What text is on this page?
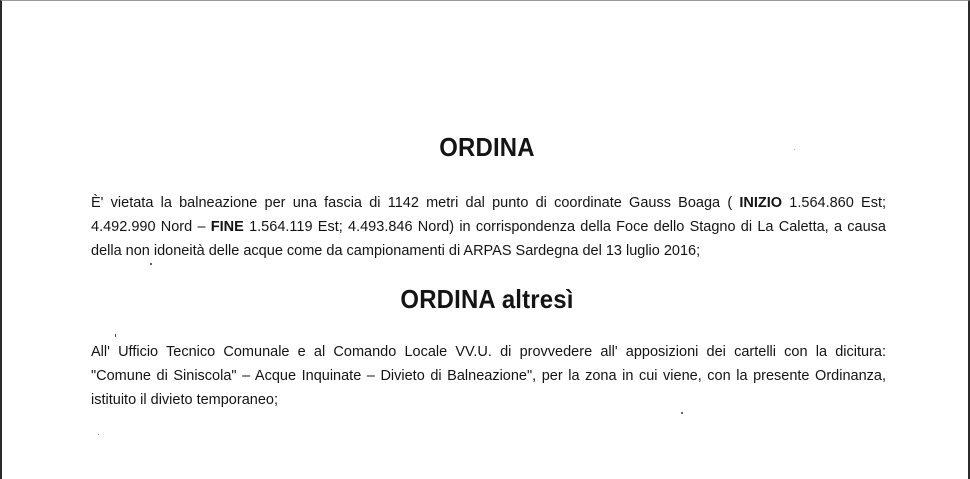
ORDINA
È' vietata la balneazione per una fascia di 1142 metri dal punto di coordinate Gauss Boaga ( INIZIO 1.564.860 Est;
4.492.990 Nord – FINE 1.564.119 Est; 4.493.846 Nord) in corrispondenza della Foce dello Stagno di La Caletta, a causa
della non idoneità delle acque come da campionamenti di ARPAS Sardegna del 13 luglio 2016;
ORDINA altresì
All' Ufficio Tecnico Comunale e al Comando Locale VV.U. di provvedere all' apposizioni dei cartelli con la dicitura:
"Comune di Siniscola" – Acque Inquinate – Divieto di Balneazione", per la zona in cui viene, con la presente Ordinanza,
istituito il divieto temporaneo;
